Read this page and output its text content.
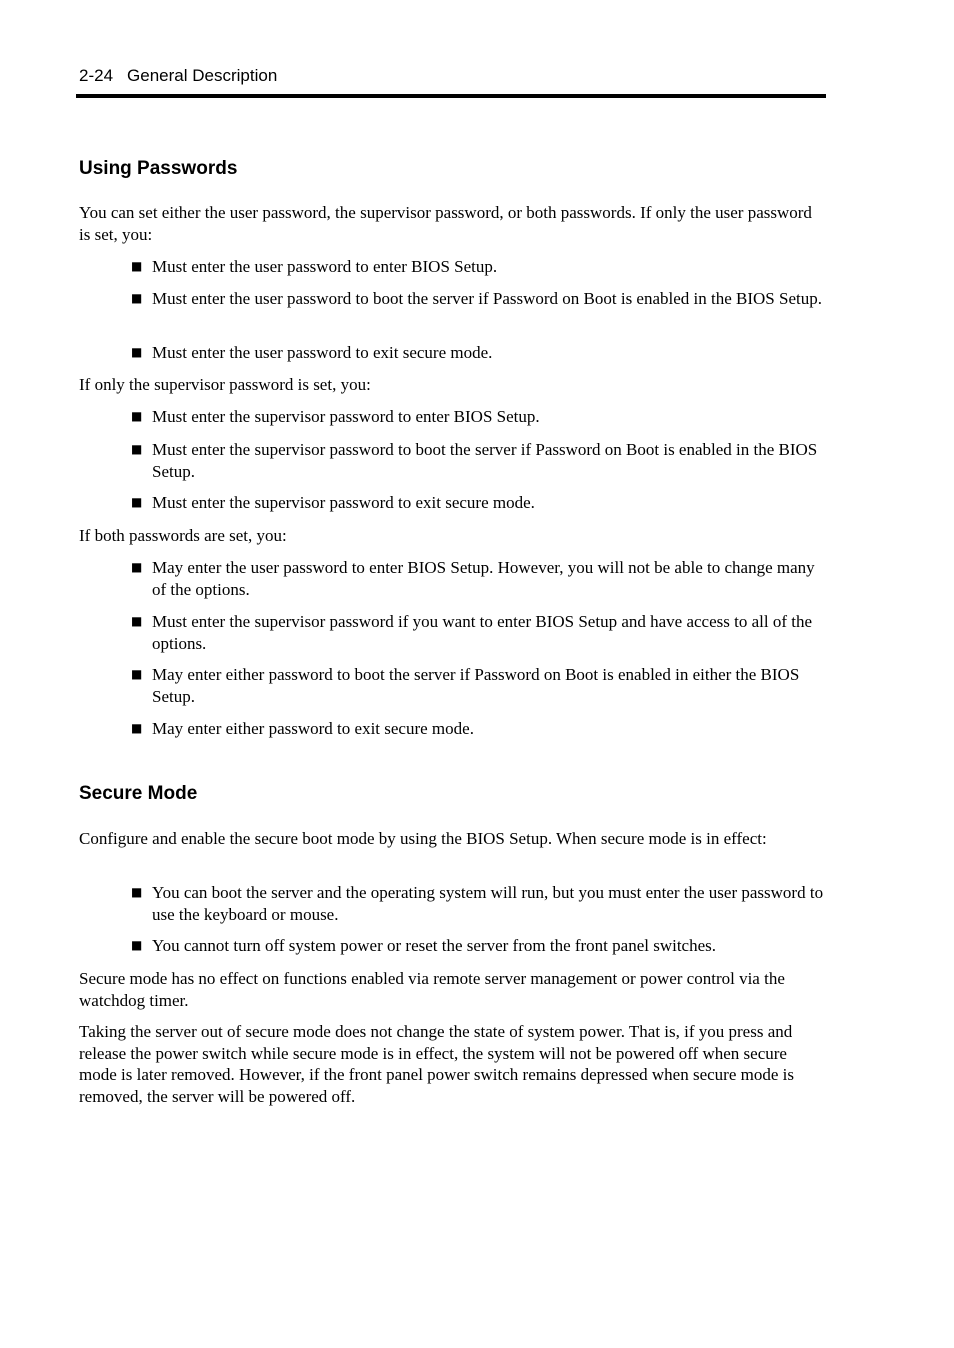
2-24 General Description
Using Passwords

You can set either the user password, the supervisor password, or both passwords. If only the user password is set, you:

■ Must enter the user password to enter BIOS Setup.
■ Must enter the user password to boot the server if Password on Boot is enabled in the BIOS Setup.
■ Must enter the user password to exit secure mode.

If only the supervisor password is set, you:

■ Must enter the supervisor password to enter BIOS Setup.
■ Must enter the supervisor password to boot the server if Password on Boot is enabled in the BIOS Setup.
■ Must enter the supervisor password to exit secure mode.

If both passwords are set, you:

■ May enter the user password to enter BIOS Setup. However, you will not be able to change many of the options.
■ Must enter the supervisor password if you want to enter BIOS Setup and have access to all of the options.
■ May enter either password to boot the server if Password on Boot is enabled in either the BIOS Setup.
■ May enter either password to exit secure mode.
Secure Mode

Configure and enable the secure boot mode by using the BIOS Setup. When secure mode is in effect:

■ You can boot the server and the operating system will run, but you must enter the user password to use the keyboard or mouse.
■ You cannot turn off system power or reset the server from the front panel switches.

Secure mode has no effect on functions enabled via remote server management or power control via the watchdog timer.

Taking the server out of secure mode does not change the state of system power. That is, if you press and release the power switch while secure mode is in effect, the system will not be powered off when secure mode is later removed. However, if the front panel power switch remains depressed when secure mode is removed, the server will be powered off.
